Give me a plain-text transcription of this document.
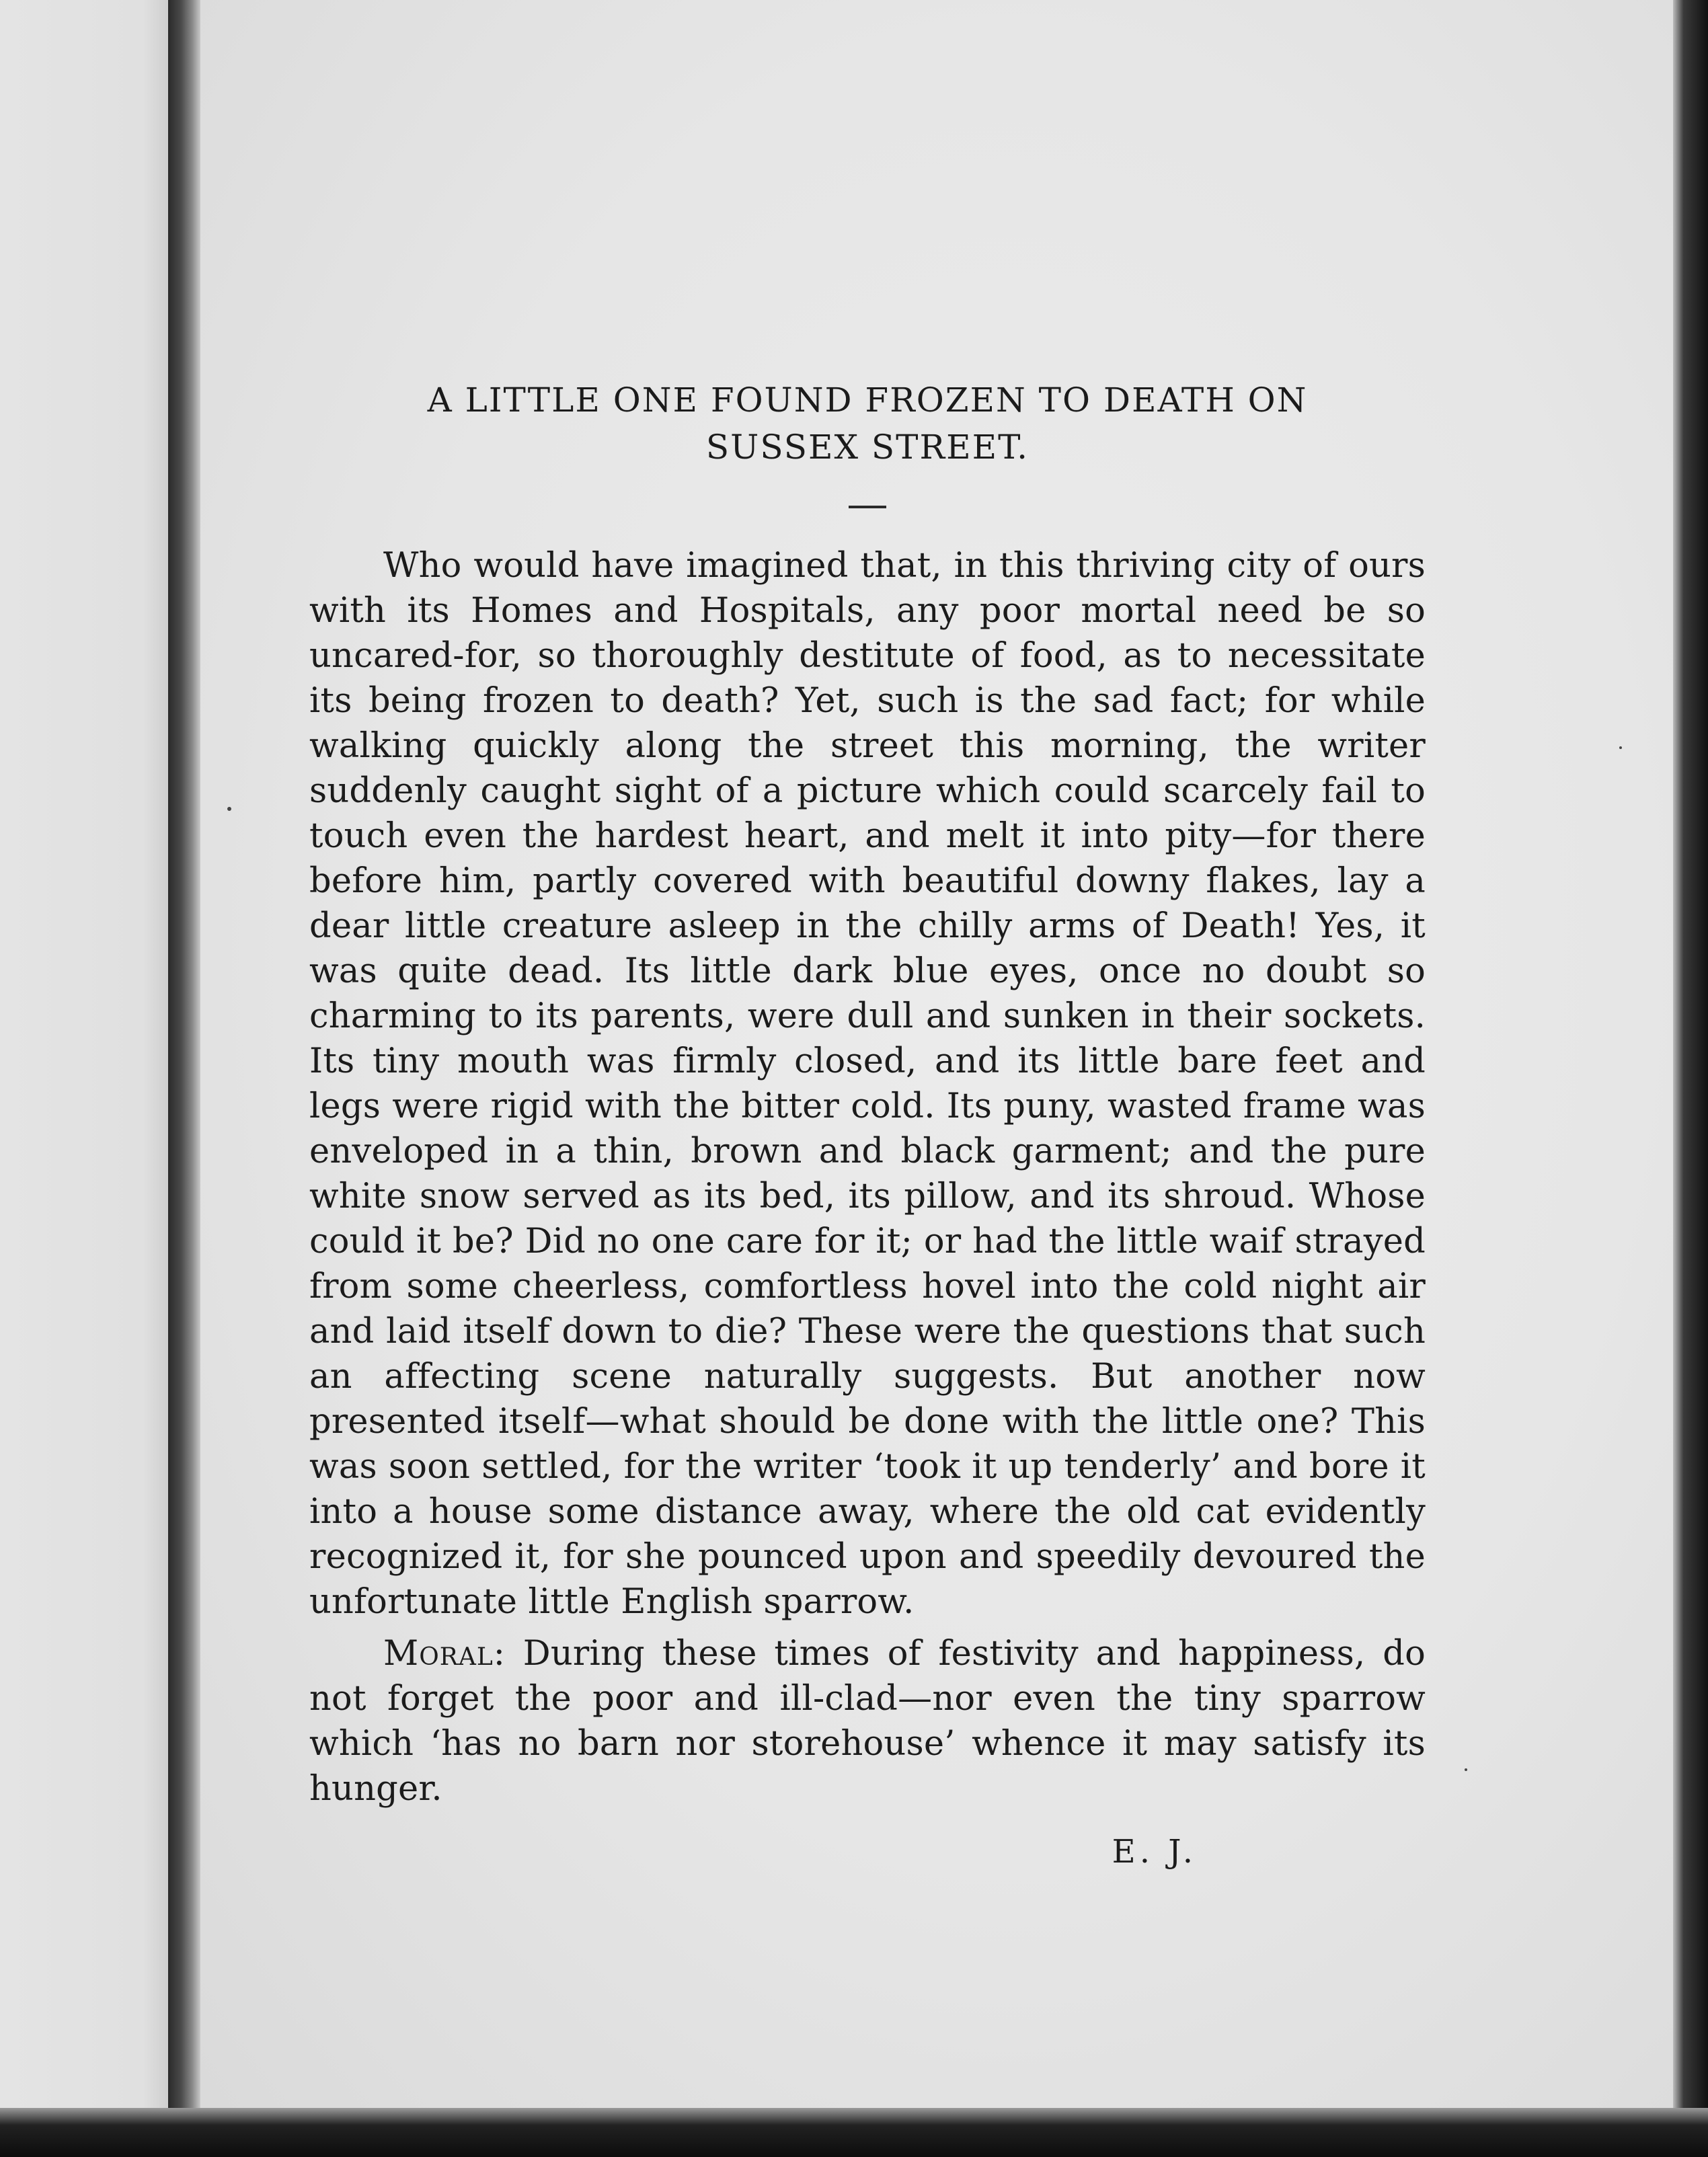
A LITTLE ONE FOUND FROZEN TO DEATH ON
SUSSEX STREET.

Who would have imagined that, in this thriving city of ours with its Homes and Hospitals, any poor mortal need be so uncared-for, so thoroughly destitute of food, as to necessitate its being frozen to death? Yet, such is the sad fact; for while walking quickly along the street this morning, the writer suddenly caught sight of a picture which could scarcely fail to touch even the hardest heart, and melt it into pity—for there before him, partly covered with beautiful downy flakes, lay a dear little creature asleep in the chilly arms of Death! Yes, it was quite dead. Its little dark blue eyes, once no doubt so charming to its parents, were dull and sunken in their sockets. Its tiny mouth was firmly closed, and its little bare feet and legs were rigid with the bitter cold. Its puny, wasted frame was enveloped in a thin, brown and black garment; and the pure white snow served as its bed, its pillow, and its shroud. Whose could it be? Did no one care for it; or had the little waif strayed from some cheerless, comfortless hovel into the cold night air and laid itself down to die? These were the questions that such an affecting scene naturally suggests. But another now presented itself—what should be done with the little one? This was soon settled, for the writer ‘took it up tenderly’ and bore it into a house some distance away, where the old cat evidently recognized it, for she pounced upon and speedily devoured the unfortunate little English sparrow.

Moral: During these times of festivity and happiness, do not forget the poor and ill-clad—nor even the tiny sparrow which ‘has no barn nor storehouse’ whence it may satisfy its hunger.

E. J.
